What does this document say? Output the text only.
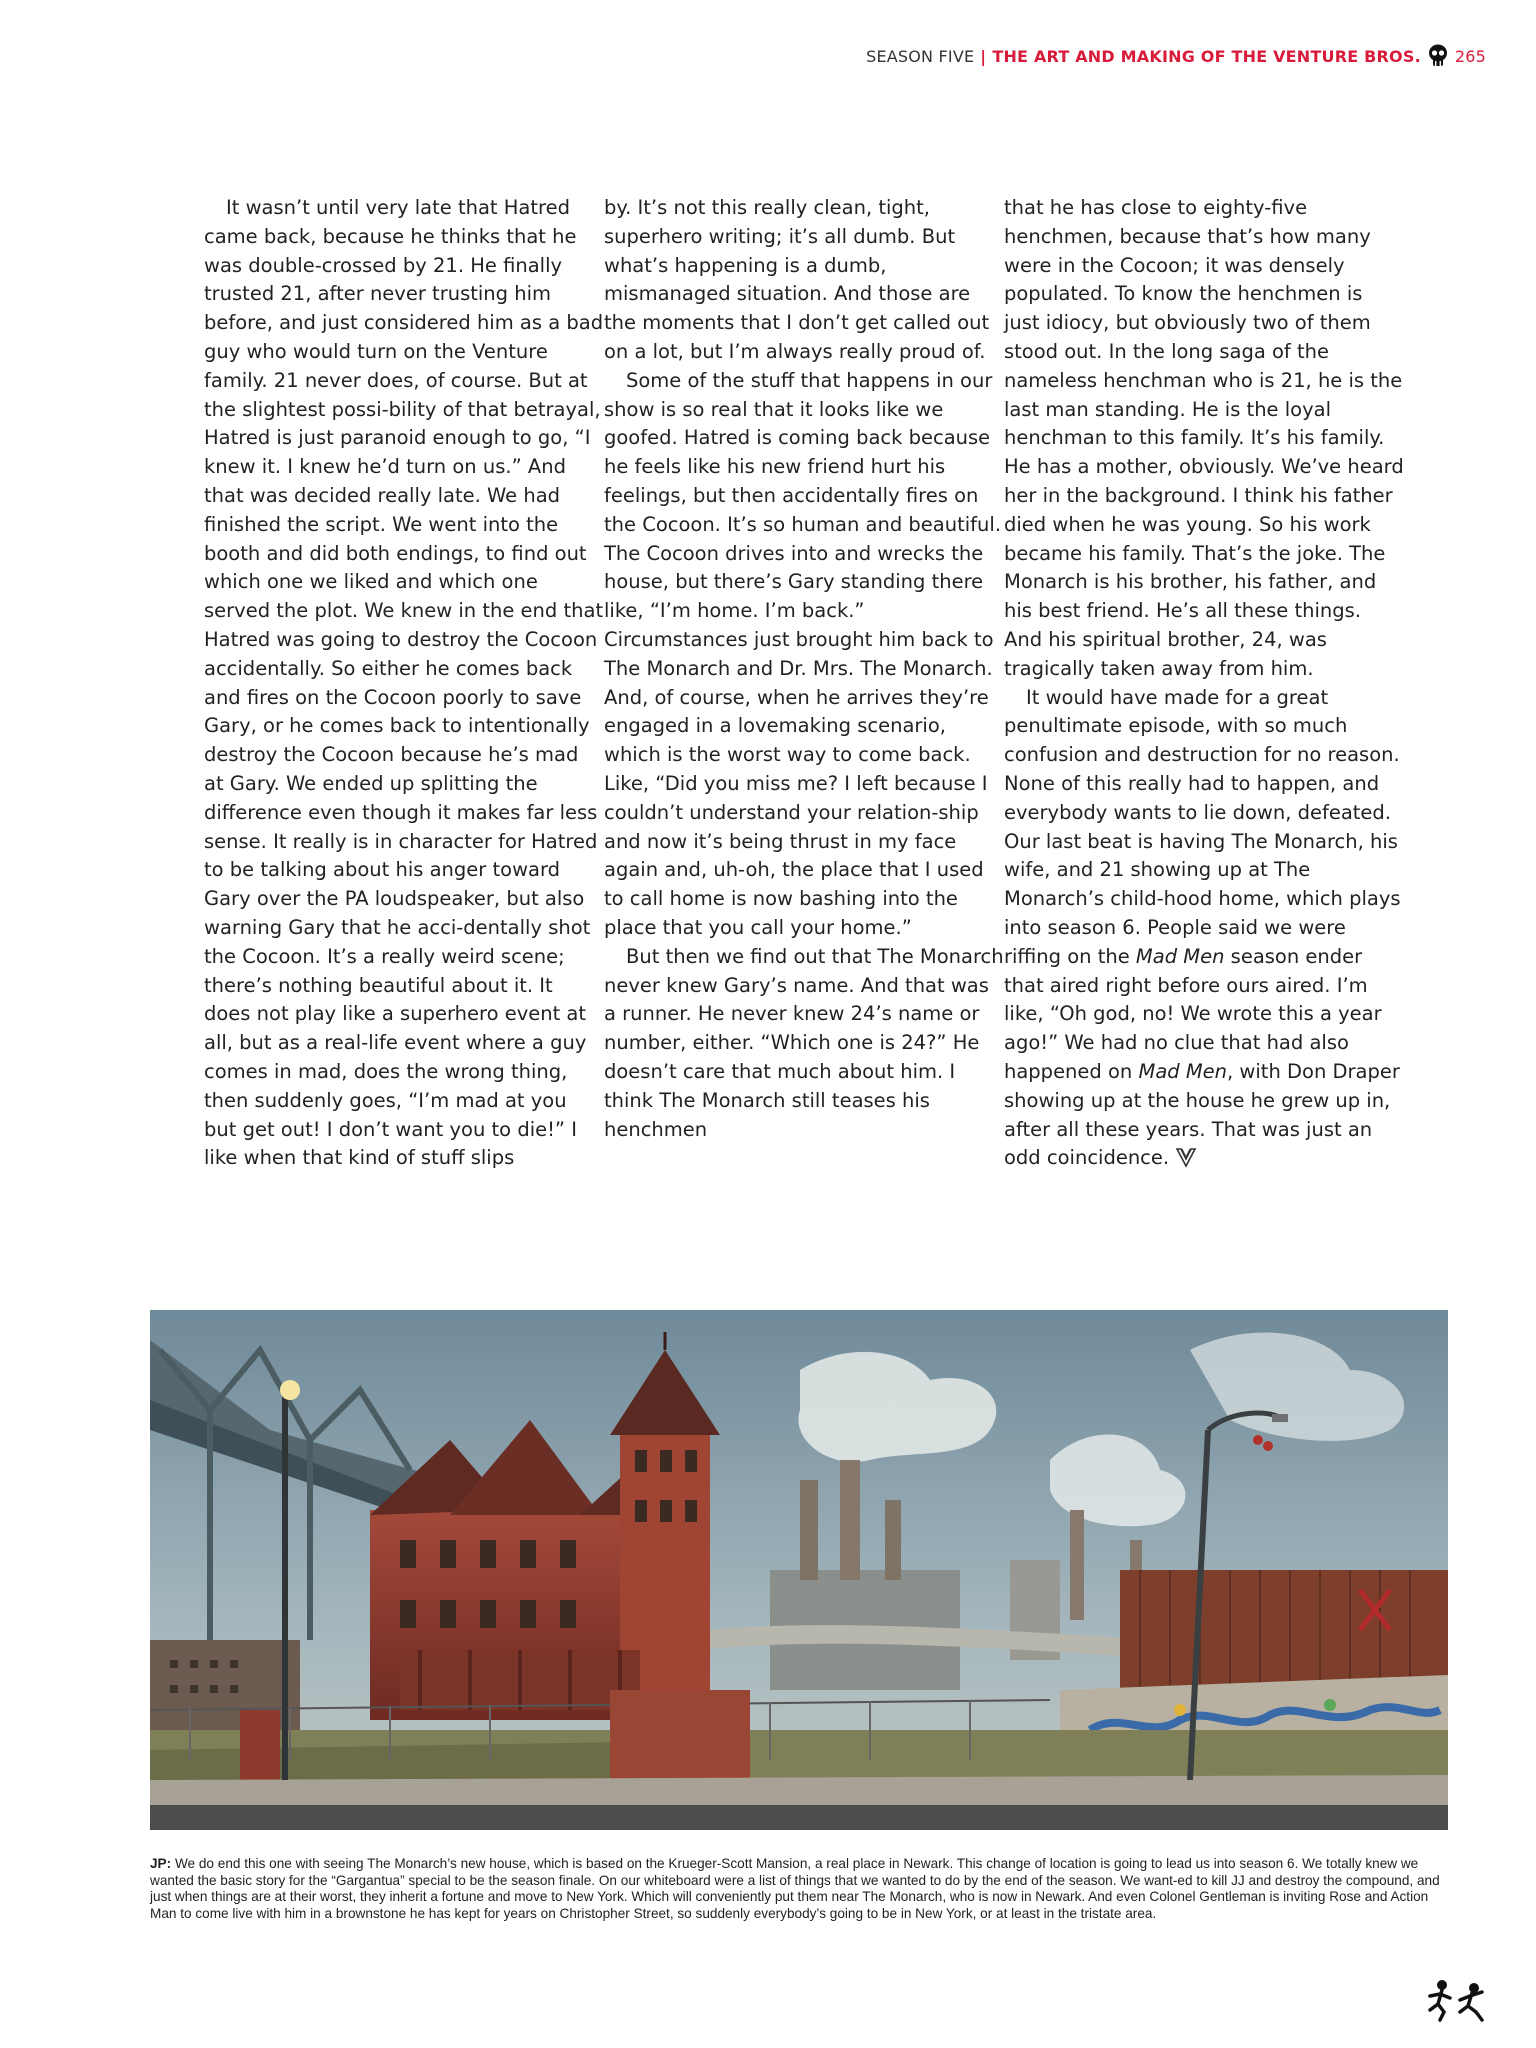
SEASON FIVE | THE ART AND MAKING OF THE VENTURE BROS. 265

It wasn’t until very late that Hatred came back, because he thinks that he was double-crossed by 21. He finally trusted 21, after never trusting him before, and just considered him as a bad guy who would turn on the Venture family. 21 never does, of course. But at the slightest possi-bility of that betrayal, Hatred is just paranoid enough to go, “I knew it. I knew he’d turn on us.” And that was decided really late. We had finished the script. We went into the booth and did both endings, to find out which one we liked and which one served the plot. We knew in the end that Hatred was going to destroy the Cocoon accidentally. So either he comes back and fires on the Cocoon poorly to save Gary, or he comes back to intentionally destroy the Cocoon because he’s mad at Gary. We ended up splitting the difference even though it makes far less sense. It really is in character for Hatred to be talking about his anger toward Gary over the PA loudspeaker, but also warning Gary that he acci-dentally shot the Cocoon. It’s a really weird scene; there’s nothing beautiful about it. It does not play like a superhero event at all, but as a real-life event where a guy comes in mad, does the wrong thing, then suddenly goes, “I’m mad at you but get out! I don’t want you to die!” I like when that kind of stuff slips

by. It’s not this really clean, tight, superhero writing; it’s all dumb. But what’s happening is a dumb, mismanaged situation. And those are the moments that I don’t get called out on a lot, but I’m always really proud of.

Some of the stuff that happens in our show is so real that it looks like we goofed. Hatred is coming back because he feels like his new friend hurt his feelings, but then accidentally fires on the Cocoon. It’s so human and beautiful. The Cocoon drives into and wrecks the house, but there’s Gary standing there like, “I’m home. I’m back.” Circumstances just brought him back to The Monarch and Dr. Mrs. The Monarch. And, of course, when he arrives they’re engaged in a lovemaking scenario, which is the worst way to come back. Like, “Did you miss me? I left because I couldn’t understand your relation-ship and now it’s being thrust in my face again and, uh-oh, the place that I used to call home is now bashing into the place that you call your home.”

But then we find out that The Monarch never knew Gary’s name. And that was a runner. He never knew 24’s name or number, either. “Which one is 24?” He doesn’t care that much about him. I think The Monarch still teases his henchmen

that he has close to eighty-five henchmen, because that’s how many were in the Cocoon; it was densely populated. To know the henchmen is just idiocy, but obviously two of them stood out. In the long saga of the nameless henchman who is 21, he is the last man standing. He is the loyal henchman to this family. It’s his family. He has a mother, obviously. We’ve heard her in the background. I think his father died when he was young. So his work became his family. That’s the joke. The Monarch is his brother, his father, and his best friend. He’s all these things. And his spiritual brother, 24, was tragically taken away from him.

It would have made for a great penultimate episode, with so much confusion and destruction for no reason. None of this really had to happen, and everybody wants to lie down, defeated. Our last beat is having The Monarch, his wife, and 21 showing up at The Monarch’s child-hood home, which plays into season 6. People said we were riffing on the Mad Men season ender that aired right before ours aired. I’m like, “Oh god, no! We wrote this a year ago!” We had no clue that had also happened on Mad Men, with Don Draper showing up at the house he grew up in, after all these years. That was just an odd coincidence.

JP: We do end this one with seeing The Monarch’s new house, which is based on the Krueger-Scott Mansion, a real place in Newark. This change of location is going to lead us into season 6. We totally knew we wanted the basic story for the “Gargantua” special to be the season finale. On our whiteboard were a list of things that we wanted to do by the end of the season. We want-ed to kill JJ and destroy the compound, and just when things are at their worst, they inherit a fortune and move to New York. Which will conveniently put them near The Monarch, who is now in Newark. And even Colonel Gentleman is inviting Rose and Action Man to come live with him in a brownstone he has kept for years on Christopher Street, so suddenly everybody’s going to be in New York, or at least in the tristate area.
